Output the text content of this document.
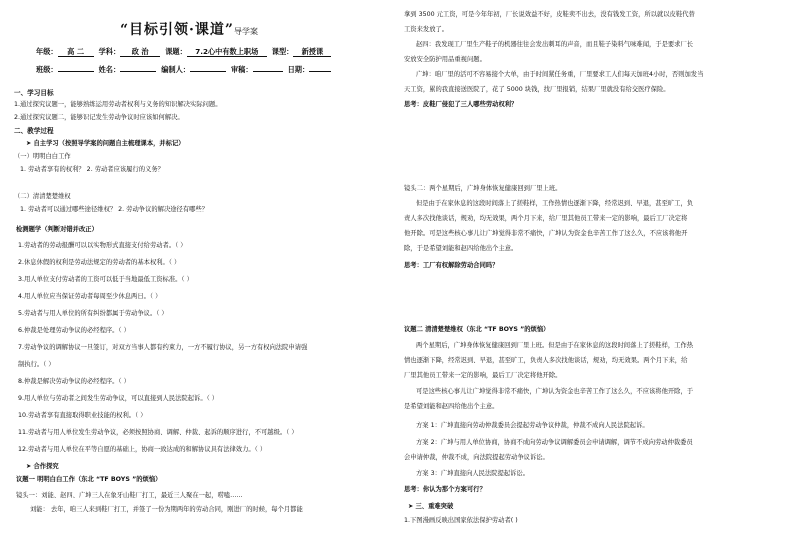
“目标引领·课道”导学案
年级： 高 二 学科： 政 治 课题： 7.2心中有数上职场 课型： 新授课
班级：	姓名：	编制人：	审稿：	日期：
一、学习目标
1.通过探究议题一，能够熟练运用劳动者权利与义务的知识解决实际问题。
2.通过探究议题二，能够识记发生劳动争议时应该如何解决。
二、教学过程
➤ 自主学习（按照导学案的问题自主梳理课本，并标记）
（一）明明白白工作
1. 劳动者享有的权利？ 2. 劳动者应该履行的义务？
（二）清清楚楚维权
1. 劳动者可以通过哪些途径维权？ 2. 劳动争议的解决途径有哪些？
检测题学（判断对错并改正）
1.劳动者的劳动报酬可以以实物形式直接支付给劳动者。（ ）
2.休息休假的权利是劳动法规定的劳动者的基本权利。（ ）
3.用人单位支付劳动者的工资可以低于当地最低工资标准。（ ）
4.用人单位应当保证劳动者每周至少休息两日。（ ）
5.劳动者与用人单位的所有纠纷都属于劳动争议。（ ）
6.仲裁是处理劳动争议的必经程序。（ ）
7.劳动争议的调解协议一旦签订，对双方当事人都有约束力，一方不履行协议，另一方有权向法院申请强
制执行。（ ）
8.仲裁是解决劳动争议的必经程序。（ ）
9.用人单位与劳动者之间发生劳动争议，可以直接到人民法院起诉。（ ）
10.劳动者享有直接取得职业技能的权利。（ ）
11.劳动者与用人单位发生劳动争议，必须按照协商、调解、仲裁、起诉的顺序进行，不可越级。（ ）
12.劳动者与用人单位在平等自愿的基础上，协商一致达成的和解协议具有法律效力。（ ）
➤ 合作探究
议题一 明明白白工作（东北 “TF BOYS ”的烦恼）
镜头一：刘能、赵四、广坤三人在象牙山鞋厂打工，最近三人聚在一起，唠嗑……
刘能： 去年，咱三人来到鞋厂打工，并签了一份为期两年的劳动合同，刚进厂的时候，每个月都能
拿到 3500 元工资，可是今年年初，厂长说效益不好，皮鞋卖不出去，没有钱发工资，所以就以皮鞋代替
工资来发放了。
赵四：我发现工厂里生产鞋子的机器往往会发出刺耳的声音，而且鞋子染料气味难闻，于是要求厂长
安放安全防护用品重视问题。
广坤：咱厂里的活可不容易接个大单，由于时间紧任务重，厂里要求工人们每天加班4小时，否则加发当
天工资，累的我直接送医院了，花了 5000 块钱，找厂里报销，结果厂里就没有给交医疗保险。
思考：皮鞋厂侵犯了三人哪些劳动权利？
镜头二：两个星期后，广坤身体恢复健康回到厂里上班。
但是由于在家休息的这段时间落上了搓鞋样，工作热情也逐渐下降，经常迟到、早退，甚至旷工，负
责人多次找他谈话，规劝，均无效果，两个月下来，给厂里其他员工带来一定的影响，最后工厂决定将
他开除。可是这些核心事儿让广坤觉得非常不痛快，广坤认为资金也辛苦工作了这么久，不应该将他开
除，于是希望刘能和赵四给他出个主意。
思考：工厂有权解除劳动合同吗？
议题二 清清楚楚维权（东北 “TF BOYS ”的烦恼）
两个星期后，广坤身体恢复健康回到厂里上班。但是由于在家休息的这段时间落上了搓鞋样，工作热
情也逐渐下降，经常迟到、早退，甚至旷工，负责人多次找他谈话，规劝，均无效果。两个月下来，给
厂里其他员工带来一定的影响，最后工厂决定将他开除。
可是这些核心事儿让广坤觉得非常不痛快，广坤认为资金也辛苦工作了这么久，不应该将他开除，于
是希望刘能和赵四给他出个主意。
方案 1：广坤直接向劳动仲裁委员会提起劳动争议仲裁，仲裁不成向人民法院起诉。
方案 2：广坤与用人单位协商，协商不成向劳动争议调解委员会申请调解，调节不成向劳动仲裁委员
会申请仲裁，仲裁不成，向法院提起劳动争议诉讼。
方案 3：广坤直接向人民法院提起诉讼。
思考：你认为那个方案可行？
➤ 三、重难突破
1.下图漫画反映出国家依法保护劳动者( )
